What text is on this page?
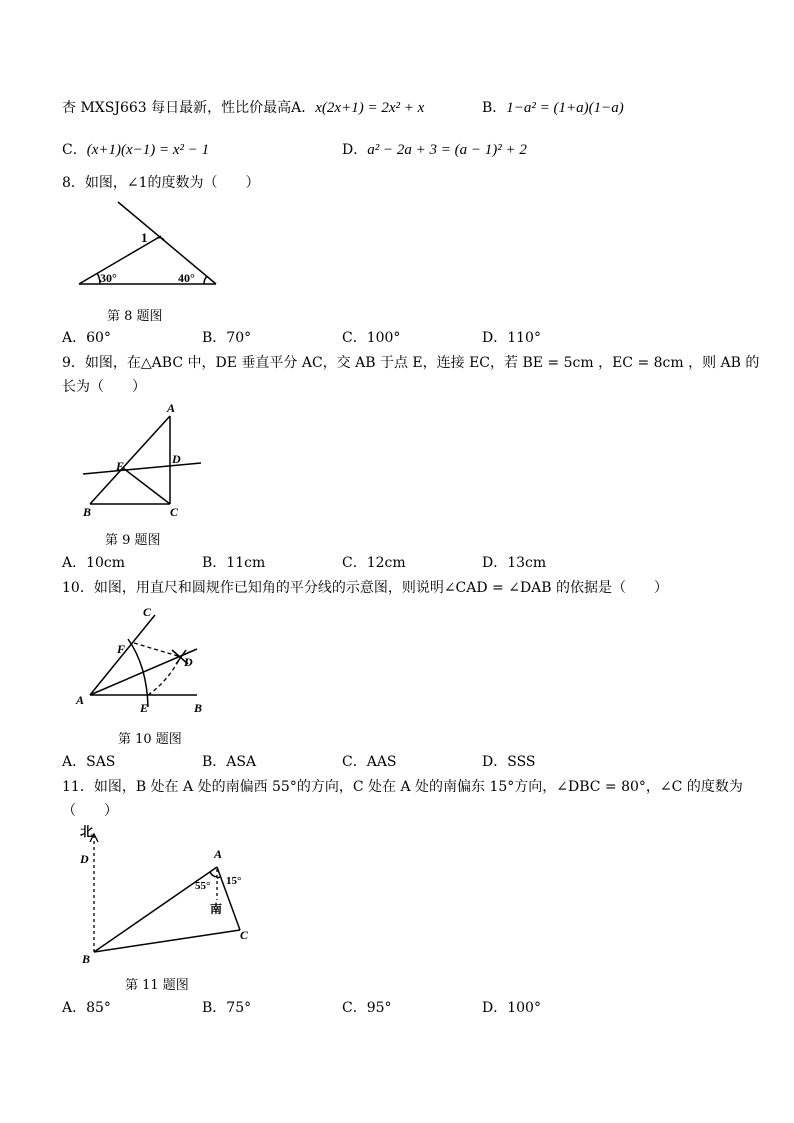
杏 MXSJ663 每日最新，性比价最高A．x(2x+1) = 2x² + x	B．1−a² = (1+a)(1−a)
C．(x+1)(x−1) = x² − 1	D．a² − 2a + 3 = (a − 1)² + 2
8．如图，∠1的度数为（　　）
1
30°	40°
第 8 题图
A．60°	B．70°	C．100°	D．110°
9．如图，在△ABC 中，DE 垂直平分 AC，交 AB 于点 E，连接 EC，若 BE = 5cm ，EC = 8cm ，则 AB 的
长为（　　）
A
B	C
D
E
第 9 题图
A．10cm	B．11cm	C．12cm	D．13cm
10．如图，用直尺和圆规作已知角的平分线的示意图，则说明∠CAD = ∠DAB 的依据是（　　）
C
F
D
A
E	B
第 10 题图
A．SAS	B．ASA	C．AAS	D．SSS
11．如图，B 处在 A 处的南偏西 55°的方向，C 处在 A 处的南偏东 15°方向，∠DBC = 80°，∠C 的度数为
（　　）
北
D	A
55° 15°
南
C
B
第 11 题图
A．85°	B．75°	C．95°	D．100°
